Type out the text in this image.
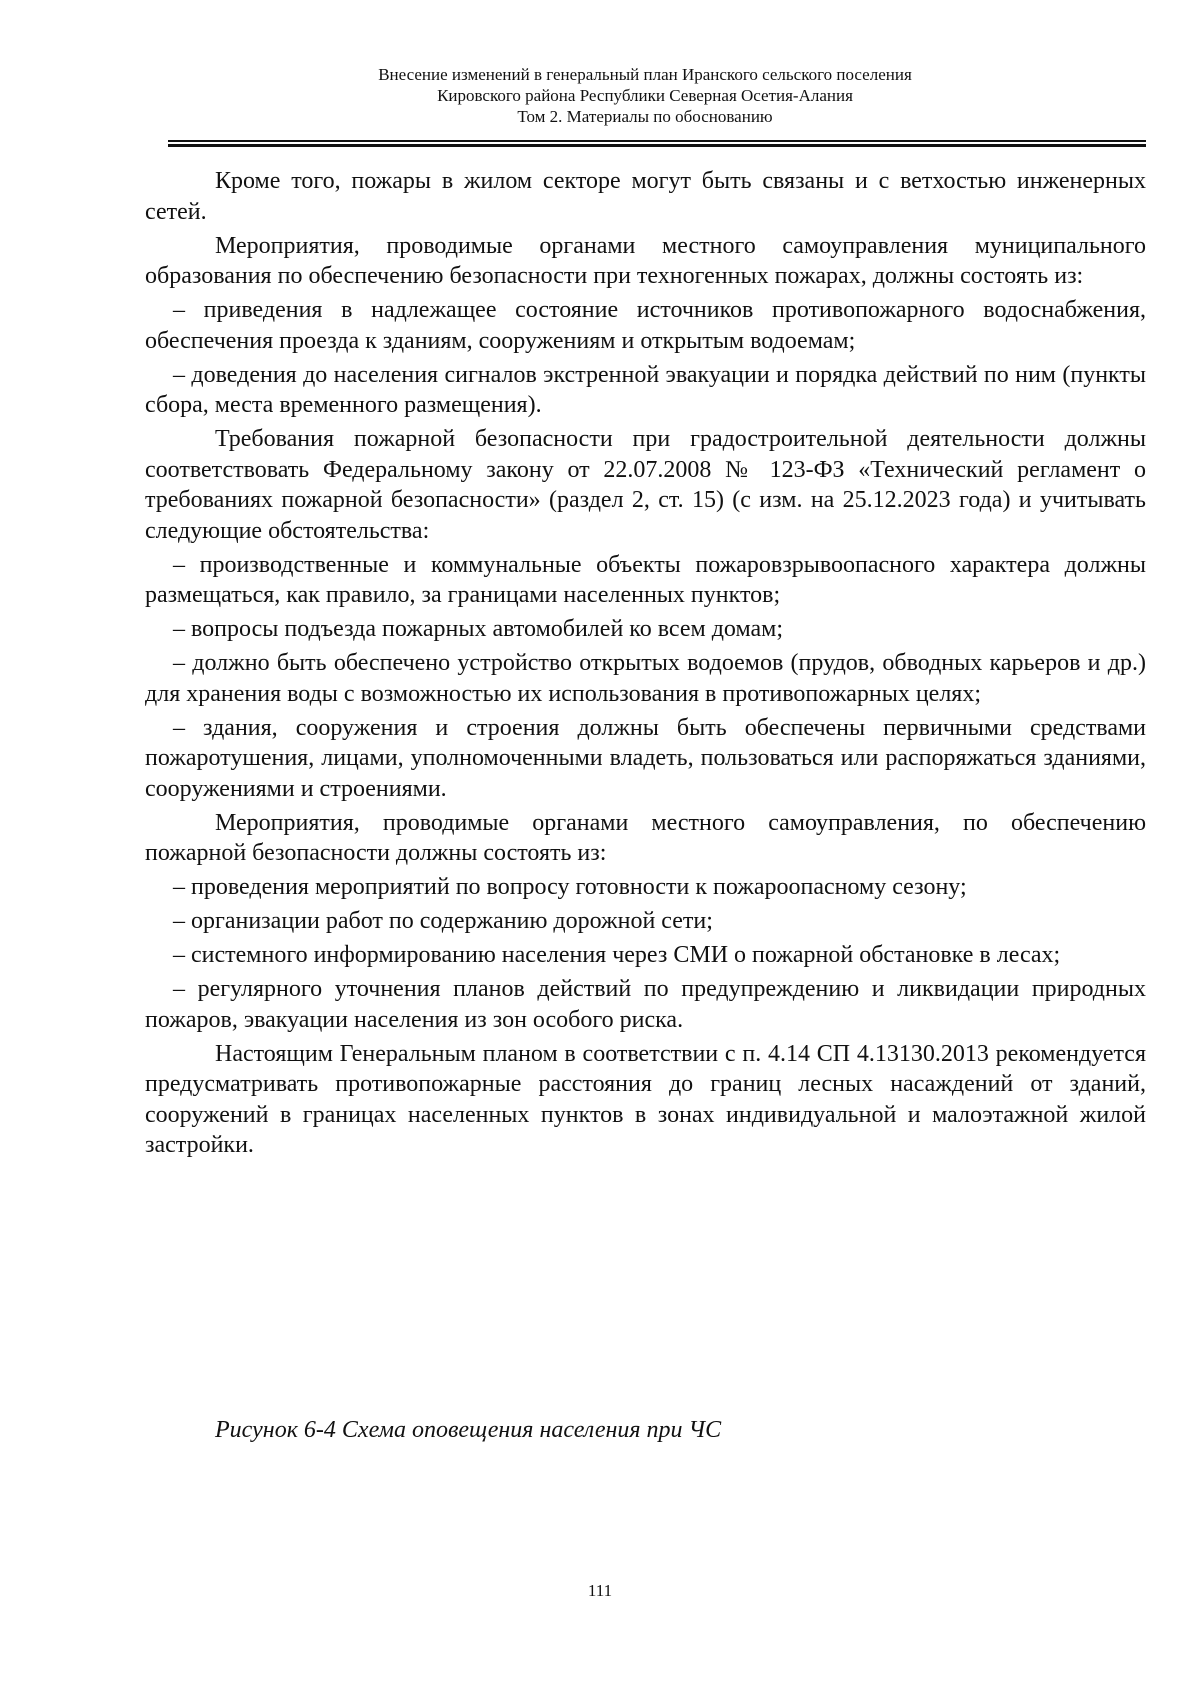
Внесение изменений в генеральный план Иранского сельского поселения
Кировского района Республики Северная Осетия-Алания
Том 2. Материалы по обоснованию

Кроме того, пожары в жилом секторе могут быть связаны и с ветхостью инженерных сетей.

Мероприятия, проводимые органами местного самоуправления муниципального образования по обеспечению безопасности при техногенных пожарах, должны состоять из:

– приведения в надлежащее состояние источников противопожарного водоснабжения, обеспечения проезда к зданиям, сооружениям и открытым водоемам;

– доведения до населения сигналов экстренной эвакуации и порядка действий по ним (пункты сбора, места временного размещения).

Требования пожарной безопасности при градостроительной деятельности должны соответствовать Федеральному закону от 22.07.2008 № 123-ФЗ «Технический регламент о требованиях пожарной безопасности» (раздел 2, ст. 15) (с изм. на 25.12.2023 года) и учитывать следующие обстоятельства:

– производственные и коммунальные объекты пожаровзрывоопасного характера должны размещаться, как правило, за границами населенных пунктов;

– вопросы подъезда пожарных автомобилей ко всем домам;

– должно быть обеспечено устройство открытых водоемов (прудов, обводных карьеров и др.) для хранения воды с возможностью их использования в противопожарных целях;

– здания, сооружения и строения должны быть обеспечены первичными средствами пожаротушения, лицами, уполномоченными владеть, пользоваться или распоряжаться зданиями, сооружениями и строениями.

Мероприятия, проводимые органами местного самоуправления, по обеспечению пожарной безопасности должны состоять из:

– проведения мероприятий по вопросу готовности к пожароопасному сезону;

– организации работ по содержанию дорожной сети;

– системного информированию населения через СМИ о пожарной обстановке в лесах;

– регулярного уточнения планов действий по предупреждению и ликвидации природных пожаров, эвакуации населения из зон особого риска.

Настоящим Генеральным планом в соответствии с п. 4.14 СП 4.13130.2013 рекомендуется предусматривать противопожарные расстояния до границ лесных насаждений от зданий, сооружений в границах населенных пунктов в зонах индивидуальной и малоэтажной жилой застройки.

Рисунок 6-4 Схема оповещения населения при ЧС
111
